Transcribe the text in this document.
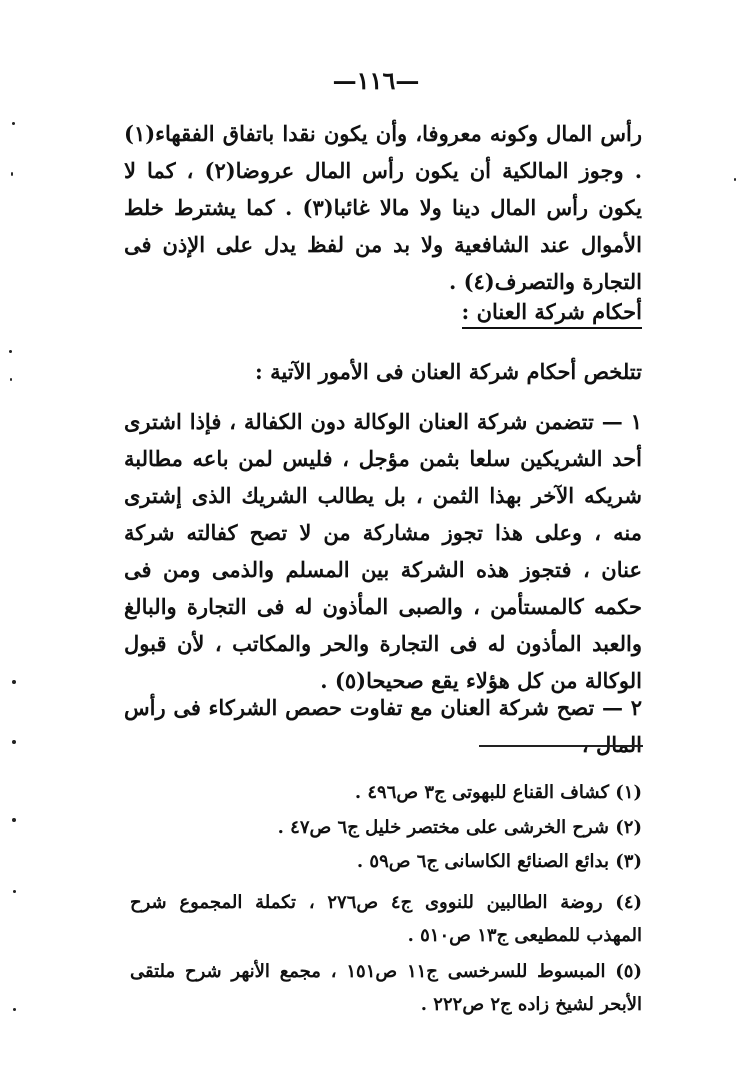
—١١٦—
رأس المال وكونه معروفا، وأن يكون نقدا باتفاق الفقهاء(١) . وجوز المالكية أن يكون رأس المال عروضا(٢) ، كما لا يكون رأس المال دينا ولا مالا غائبا(٣) . كما يشترط خلط الأموال عند الشافعية ولا بد من لفظ يدل على الإذن فى التجارة والتصرف(٤) .
أحكام شركة العنان :
تتلخص أحكام شركة العنان فى الأمور الآتية :
١ — تتضمن شركة العنان الوكالة دون الكفالة ، فإذا اشترى أحد الشريكين سلعا بثمن مؤجل ، فليس لمن باعه مطالبة شريكه الآخر بهذا الثمن ، بل يطالب الشريك الذى إشترى منه ، وعلى هذا تجوز مشاركة من لا تصح كفالته شركة عنان ، فتجوز هذه الشركة بين المسلم والذمى ومن فى حكمه كالمستأمن ، والصبى المأذون له فى التجارة والبالغ والعبد المأذون له فى التجارة والحر والمكاتب ، لأن قبول الوكالة من كل هؤلاء يقع صحيحا(٥) .
٢ — تصح شركة العنان مع تفاوت حصص الشركاء فى رأس المال ،
(١) كشاف القناع للبهوتى ج٣ ص٤٩٦ .
(٢) شرح الخرشى على مختصر خليل ج٦ ص٤٧ .
(٣) بدائع الصنائع الكاسانى ج٦ ص٥٩ .
(٤) روضة الطالبين للنووى ج٤ ص٢٧٦ ، تكملة المجموع شرح المهذب للمطيعى ج١٣ ص٥١٠ .
(٥) المبسوط للسرخسى ج١١ ص١٥١ ، مجمع الأنهر شرح ملتقى الأبحر لشيخ زاده ج٢ ص٢٢٢ .
